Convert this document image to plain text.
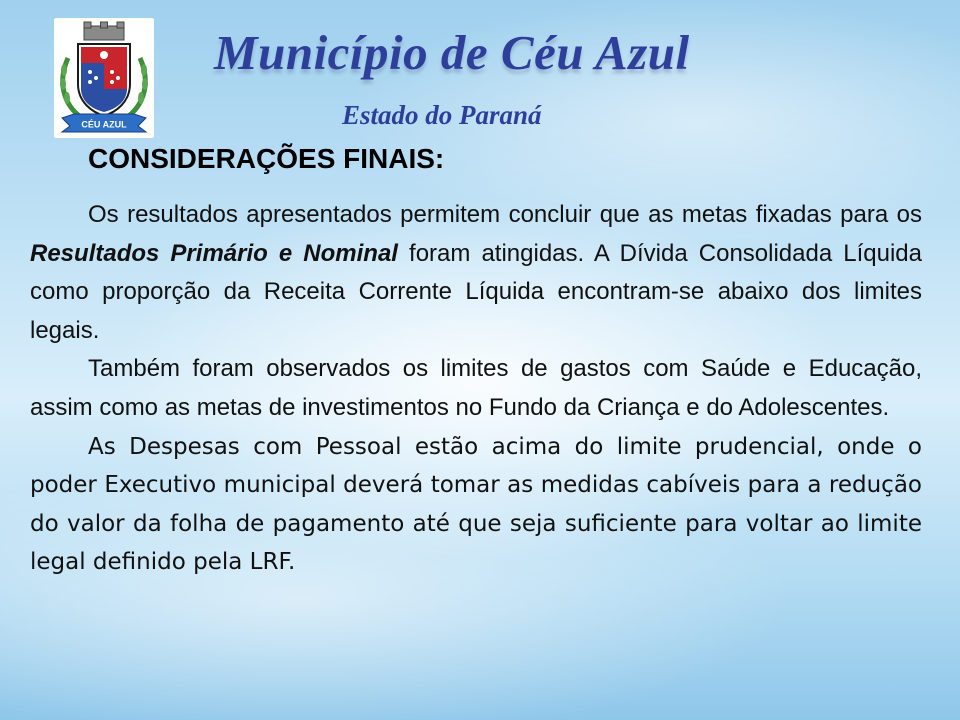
CÉU AZUL
Município de Céu Azul
Estado do Paraná
CONSIDERAÇÕES FINAIS:

Os resultados apresentados permitem concluir que as metas fixadas para os Resultados Primário e Nominal foram atingidas. A Dívida Consolidada Líquida como proporção da Receita Corrente Líquida encontram-se abaixo dos limites legais.

Também foram observados os limites de gastos com Saúde e Educação, assim como as metas de investimentos no Fundo da Criança e do Adolescentes.

As Despesas com Pessoal estão acima do limite prudencial, onde o poder Executivo municipal deverá tomar as medidas cabíveis para a redução do valor da folha de pagamento até que seja suficiente para voltar ao limite legal definido pela LRF.
